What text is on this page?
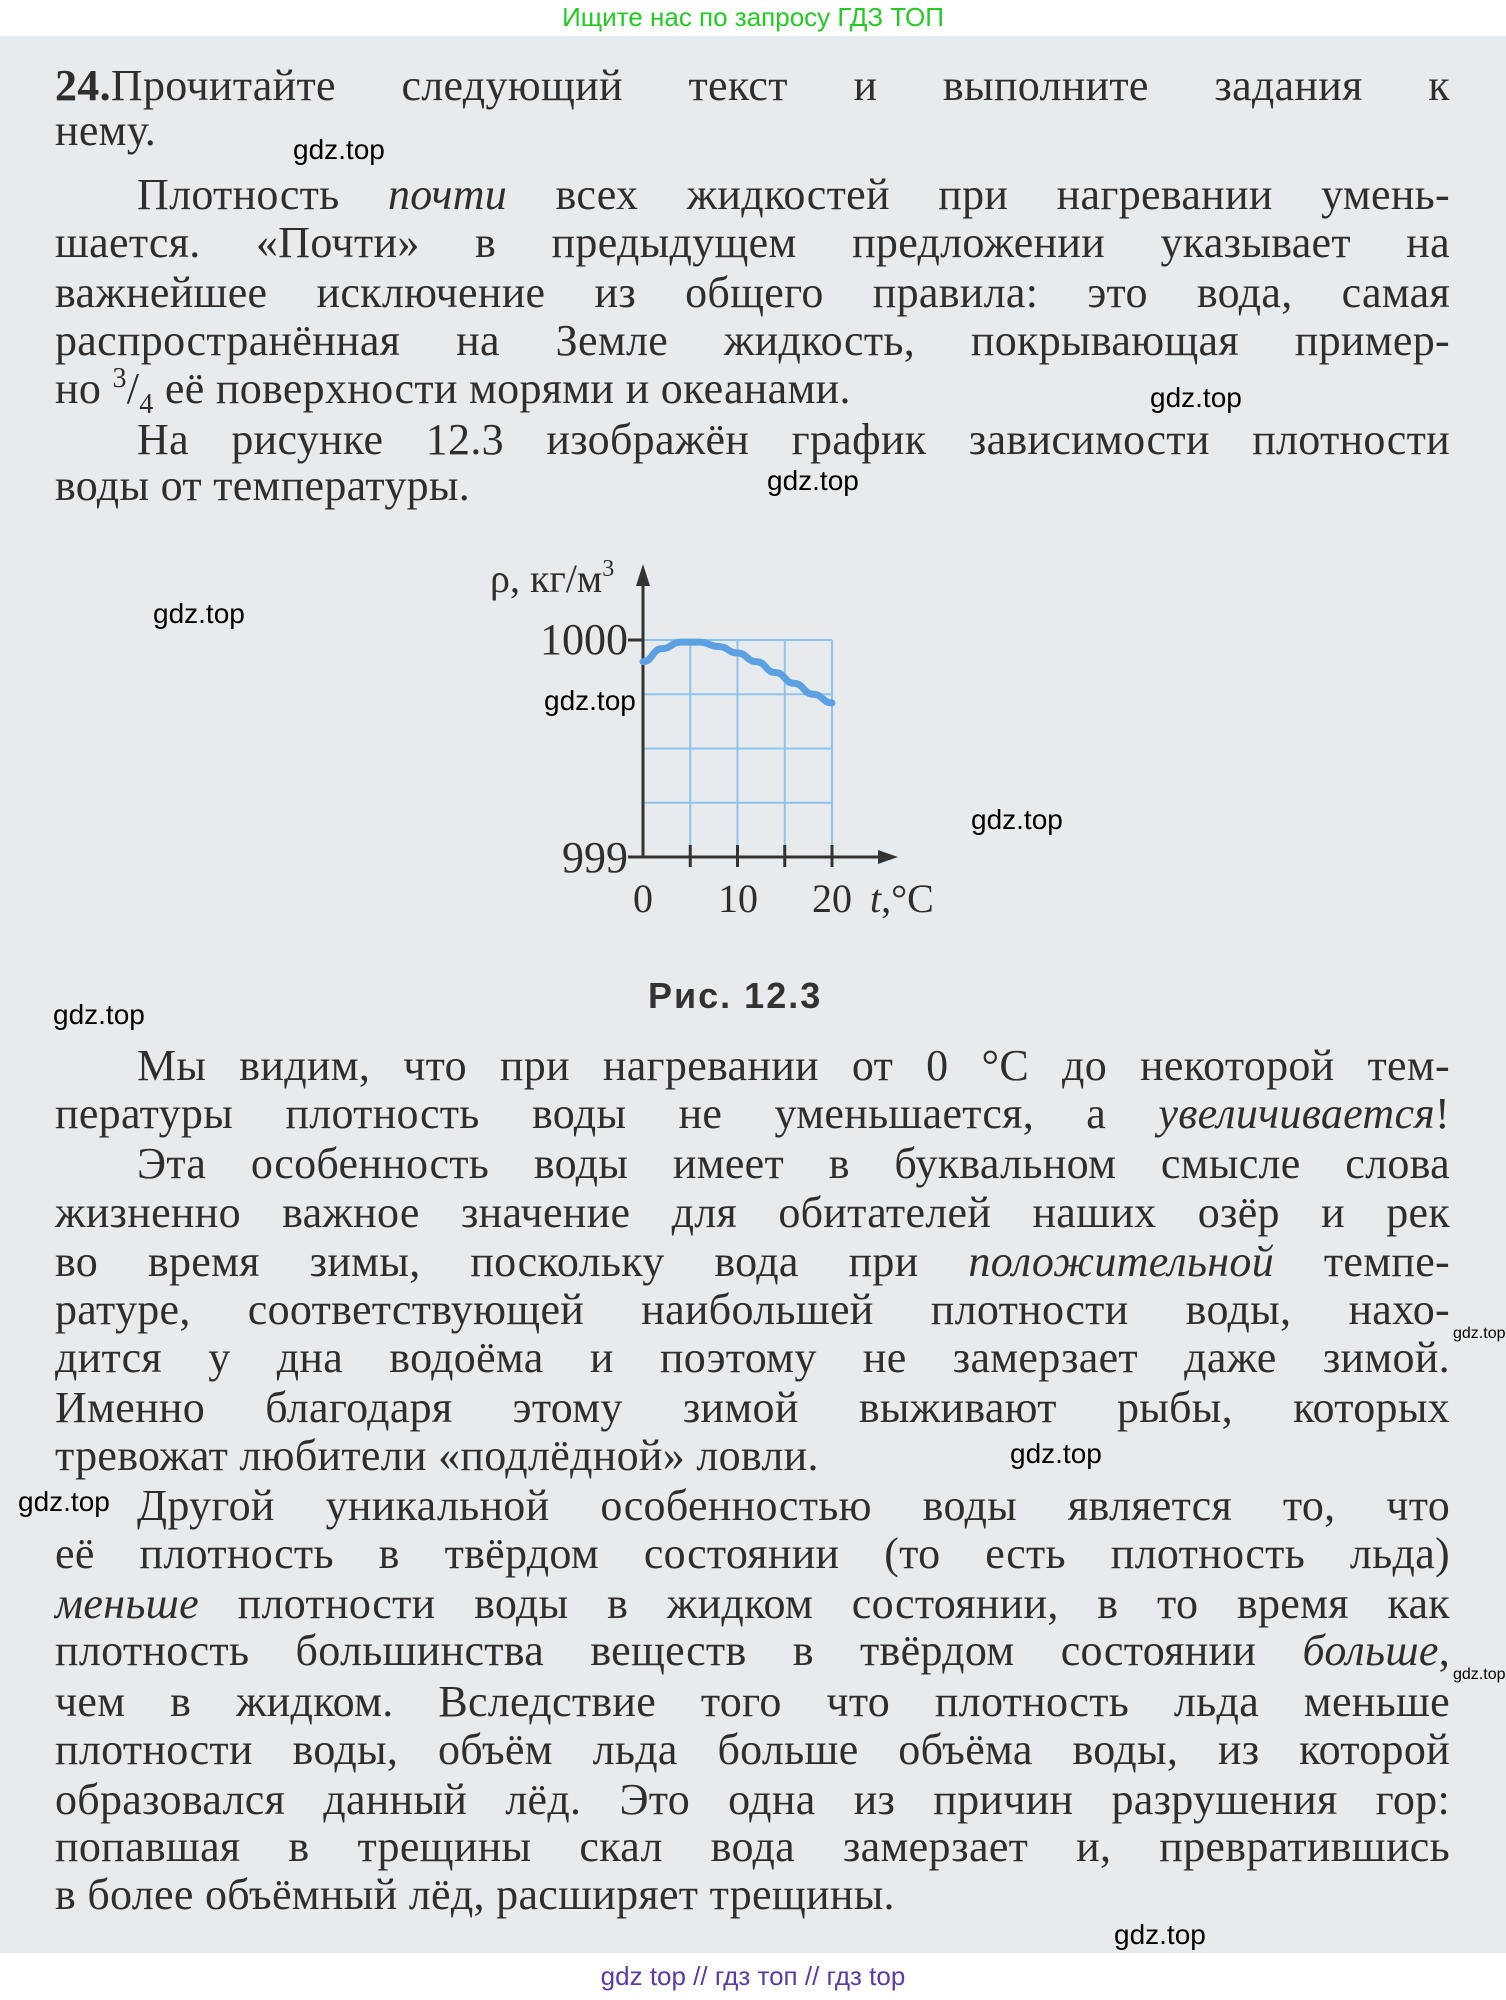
Ищите нас по запросу ГДЗ ТОП
24.Прочитайте следующий текст и выполните задания к
нему.
Плотность почти всех жидкостей при нагревании умень-
шается. «Почти» в предыдущем предложении указывает на
важнейшее исключение из общего правила: это вода, самая
распространённая на Земле жидкость, покрывающая пример-
но $^3/_4$ её поверхности морями и океанами.
На рисунке 12.3 изображён график зависимости плотности
воды от температуры.
Мы видим, что при нагревании от 0 °С до некоторой тем-
пературы плотность воды не уменьшается, а увеличивается!
Эта особенность воды имеет в буквальном смысле слова
жизненно важное значение для обитателей наших озёр и рек
во время зимы, поскольку вода при положительной темпе-
ратуре, соответствующей наибольшей плотности воды, нахо-
дится у дна водоёма и поэтому не замерзает даже зимой.
Именно благодаря этому зимой выживают рыбы, которых
тревожат любители «подлёдной» ловли.
Другой уникальной особенностью воды является то, что
её плотность в твёрдом состоянии (то есть плотность льда)
меньше плотности воды в жидком состоянии, в то время как
плотность большинства веществ в твёрдом состоянии больше,
чем в жидком. Вследствие того что плотность льда меньше
плотности воды, объём льда больше объёма воды, из которой
образовался данный лёд. Это одна из причин разрушения гор:
попавшая в трещины скал вода замерзает и, превратившись
в более объёмный лёд, расширяет трещины.
ρ, $кг/м^3$
1000
999
0 10 20 t,°C
Рис. 12.3
gdz.top
gdz.top
gdz.top
gdz.top
gdz.top
gdz.top
gdz.top
gdz.top
gdz.top
gdz.top
gdz.top
gdz.top
gdz top // гдз топ // гдз top
